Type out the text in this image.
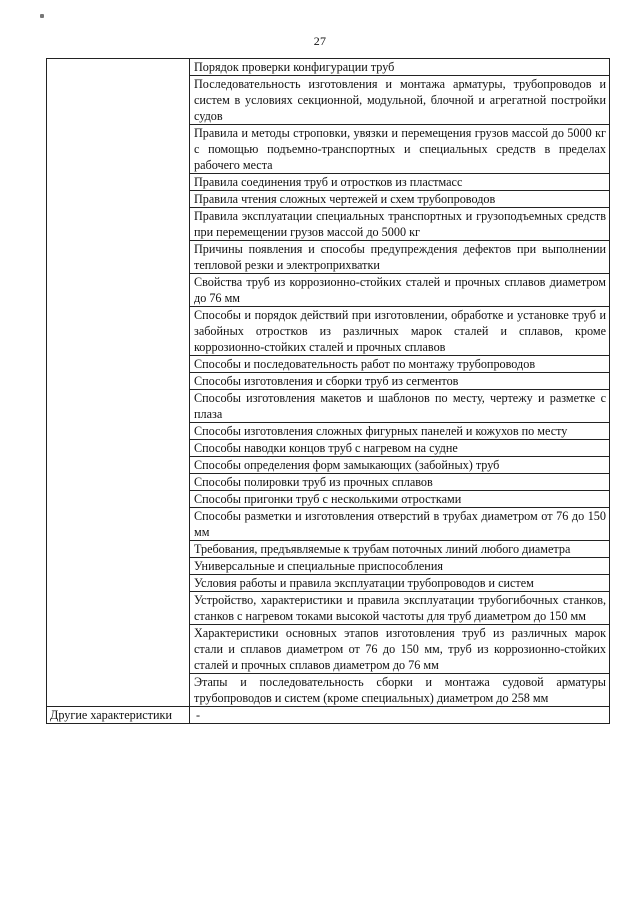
27
	Порядок проверки конфигурации труб
	Последовательность изготовления и монтажа арматуры, трубопроводов и систем в условиях секционной, модульной, блочной и агрегатной постройки судов
	Правила и методы строповки, увязки и перемещения грузов массой до 5000 кг с помощью подъемно-транспортных и специальных средств в пределах рабочего места
	Правила соединения труб и отростков из пластмасс
	Правила чтения сложных чертежей и схем трубопроводов
	Правила эксплуатации специальных транспортных и грузоподъемных средств при перемещении грузов массой до 5000 кг
	Причины появления и способы предупреждения дефектов при выполнении тепловой резки и электроприхватки
	Свойства труб из коррозионно-стойких сталей и прочных сплавов диаметром до 76 мм
	Способы и порядок действий при изготовлении, обработке и установке труб и забойных отростков из различных марок сталей и сплавов, кроме коррозионно-стойких сталей и прочных сплавов
	Способы и последовательность работ по монтажу трубопроводов
	Способы изготовления и сборки труб из сегментов
	Способы изготовления макетов и шаблонов по месту, чертежу и разметке с плаза
	Способы изготовления сложных фигурных панелей и кожухов по месту
	Способы наводки концов труб с нагревом на судне
	Способы определения форм замыкающих (забойных) труб
	Способы полировки труб из прочных сплавов
	Способы пригонки труб с несколькими отростками
	Способы разметки и изготовления отверстий в трубах диаметром от 76 до 150 мм
	Требования, предъявляемые к трубам поточных линий любого диаметра
	Универсальные и специальные приспособления
	Условия работы и правила эксплуатации трубопроводов и систем
	Устройство, характеристики и правила эксплуатации трубогибочных станков, станков с нагревом токами высокой частоты для труб диаметром до 150 мм
	Характеристики основных этапов изготовления труб из различных марок стали и сплавов диаметром от 76 до 150 мм, труб из коррозионно-стойких сталей и прочных сплавов диаметром до 76 мм
	Этапы и последовательность сборки и монтажа судовой арматуры трубопроводов и систем (кроме специальных) диаметром до 258 мм
Другие характеристики	-
